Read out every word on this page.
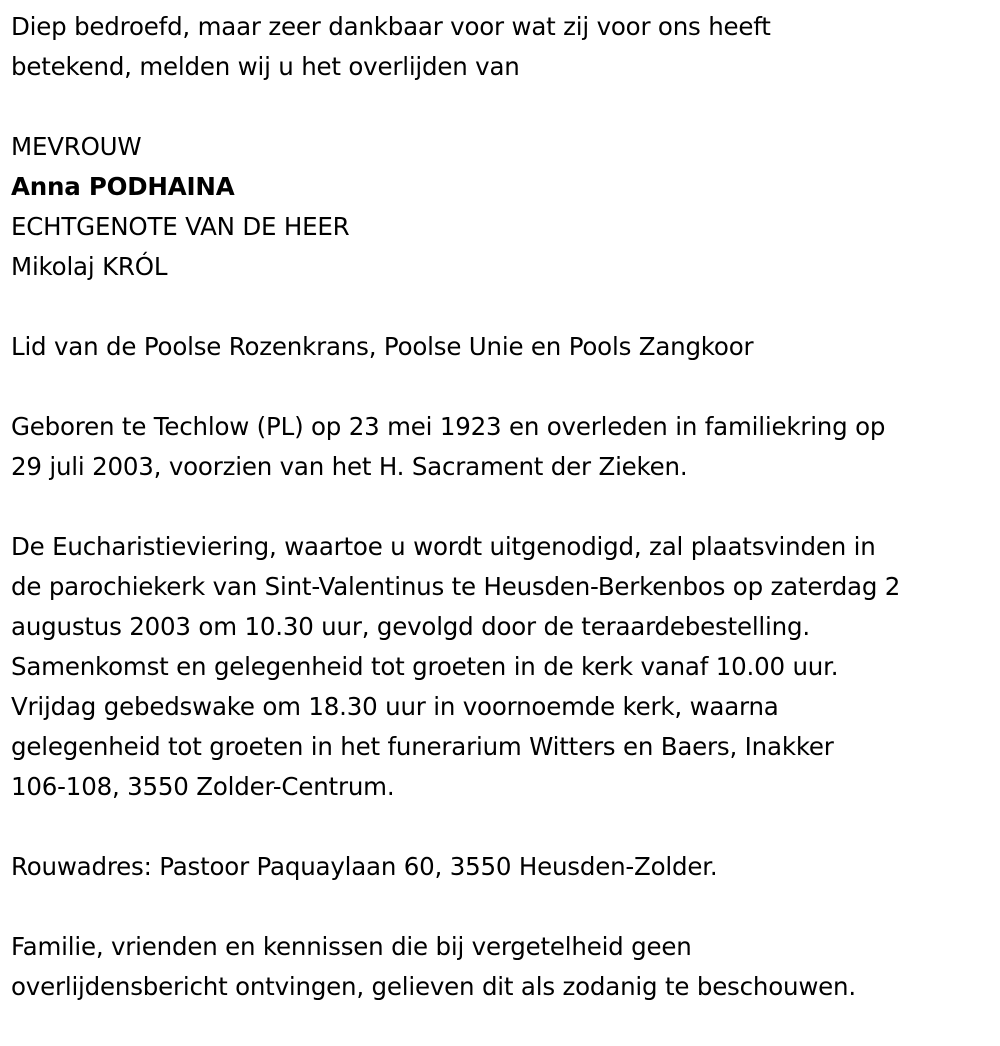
Diep bedroefd, maar zeer dankbaar voor wat zij voor ons heeft
betekend, melden wij u het overlijden van

MEVROUW
Anna PODHAINA
ECHTGENOTE VAN DE HEER
Mikolaj KRÓL

Lid van de Poolse Rozenkrans, Poolse Unie en Pools Zangkoor

Geboren te Techlow (PL) op 23 mei 1923 en overleden in familiekring op
29 juli 2003, voorzien van het H. Sacrament der Zieken.

De Eucharistieviering, waartoe u wordt uitgenodigd, zal plaatsvinden in
de parochiekerk van Sint-Valentinus te Heusden-Berkenbos op zaterdag 2
augustus 2003 om 10.30 uur, gevolgd door de teraardebestelling.
Samenkomst en gelegenheid tot groeten in de kerk vanaf 10.00 uur.
Vrijdag gebedswake om 18.30 uur in voornoemde kerk, waarna
gelegenheid tot groeten in het funerarium Witters en Baers, Inakker
106-108, 3550 Zolder-Centrum.

Rouwadres: Pastoor Paquaylaan 60, 3550 Heusden-Zolder.

Familie, vrienden en kennissen die bij vergetelheid geen
overlijdensbericht ontvingen, gelieven dit als zodanig te beschouwen.
